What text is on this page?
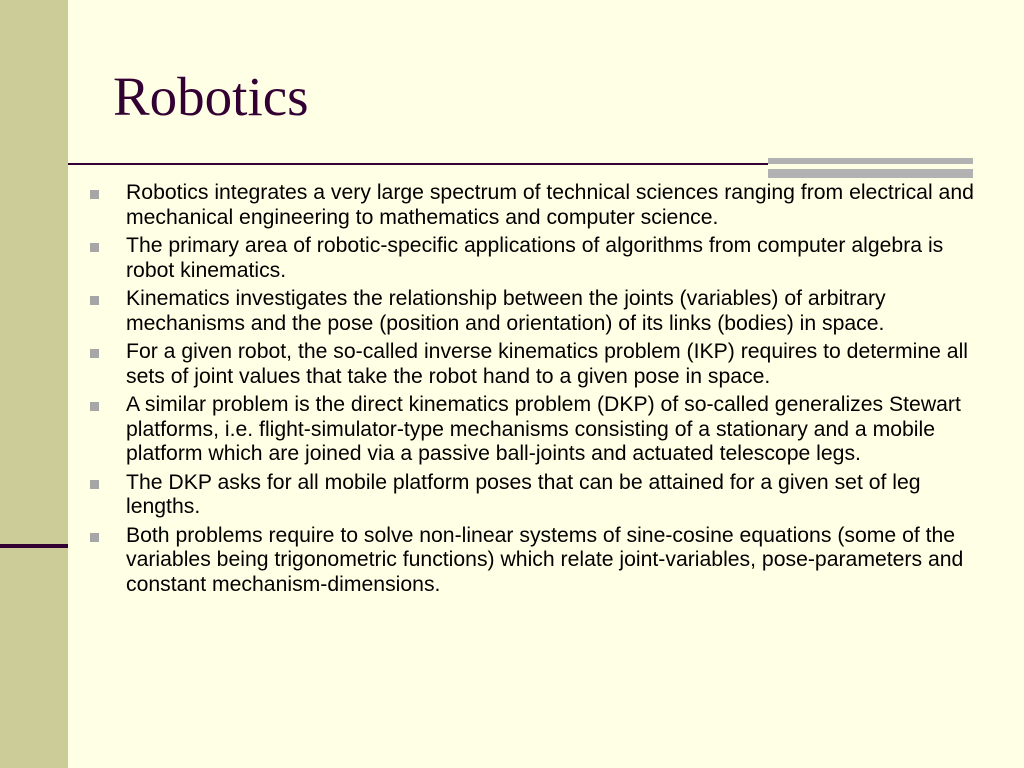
Robotics
Robotics integrates a very large spectrum of technical sciences ranging from electrical and mechanical engineering to mathematics and computer science.
The primary area of robotic-specific applications of algorithms from computer algebra is robot kinematics.
Kinematics investigates the relationship between the joints (variables) of arbitrary mechanisms and the pose (position and orientation) of its links (bodies) in space.
For a given robot, the so-called inverse kinematics problem (IKP) requires to determine all sets of joint values that take the robot hand to a given pose in space.
A similar problem is the direct kinematics problem (DKP) of so-called generalizes Stewart platforms, i.e. flight-simulator-type mechanisms consisting of a stationary and a mobile platform which are joined via a passive ball-joints and actuated telescope legs.
The DKP asks for all mobile platform poses that can be attained for a given set of leg lengths.
Both problems require to solve non-linear systems of sine-cosine equations (some of the variables being trigonometric functions) which relate joint-variables, pose-parameters and constant mechanism-dimensions.
